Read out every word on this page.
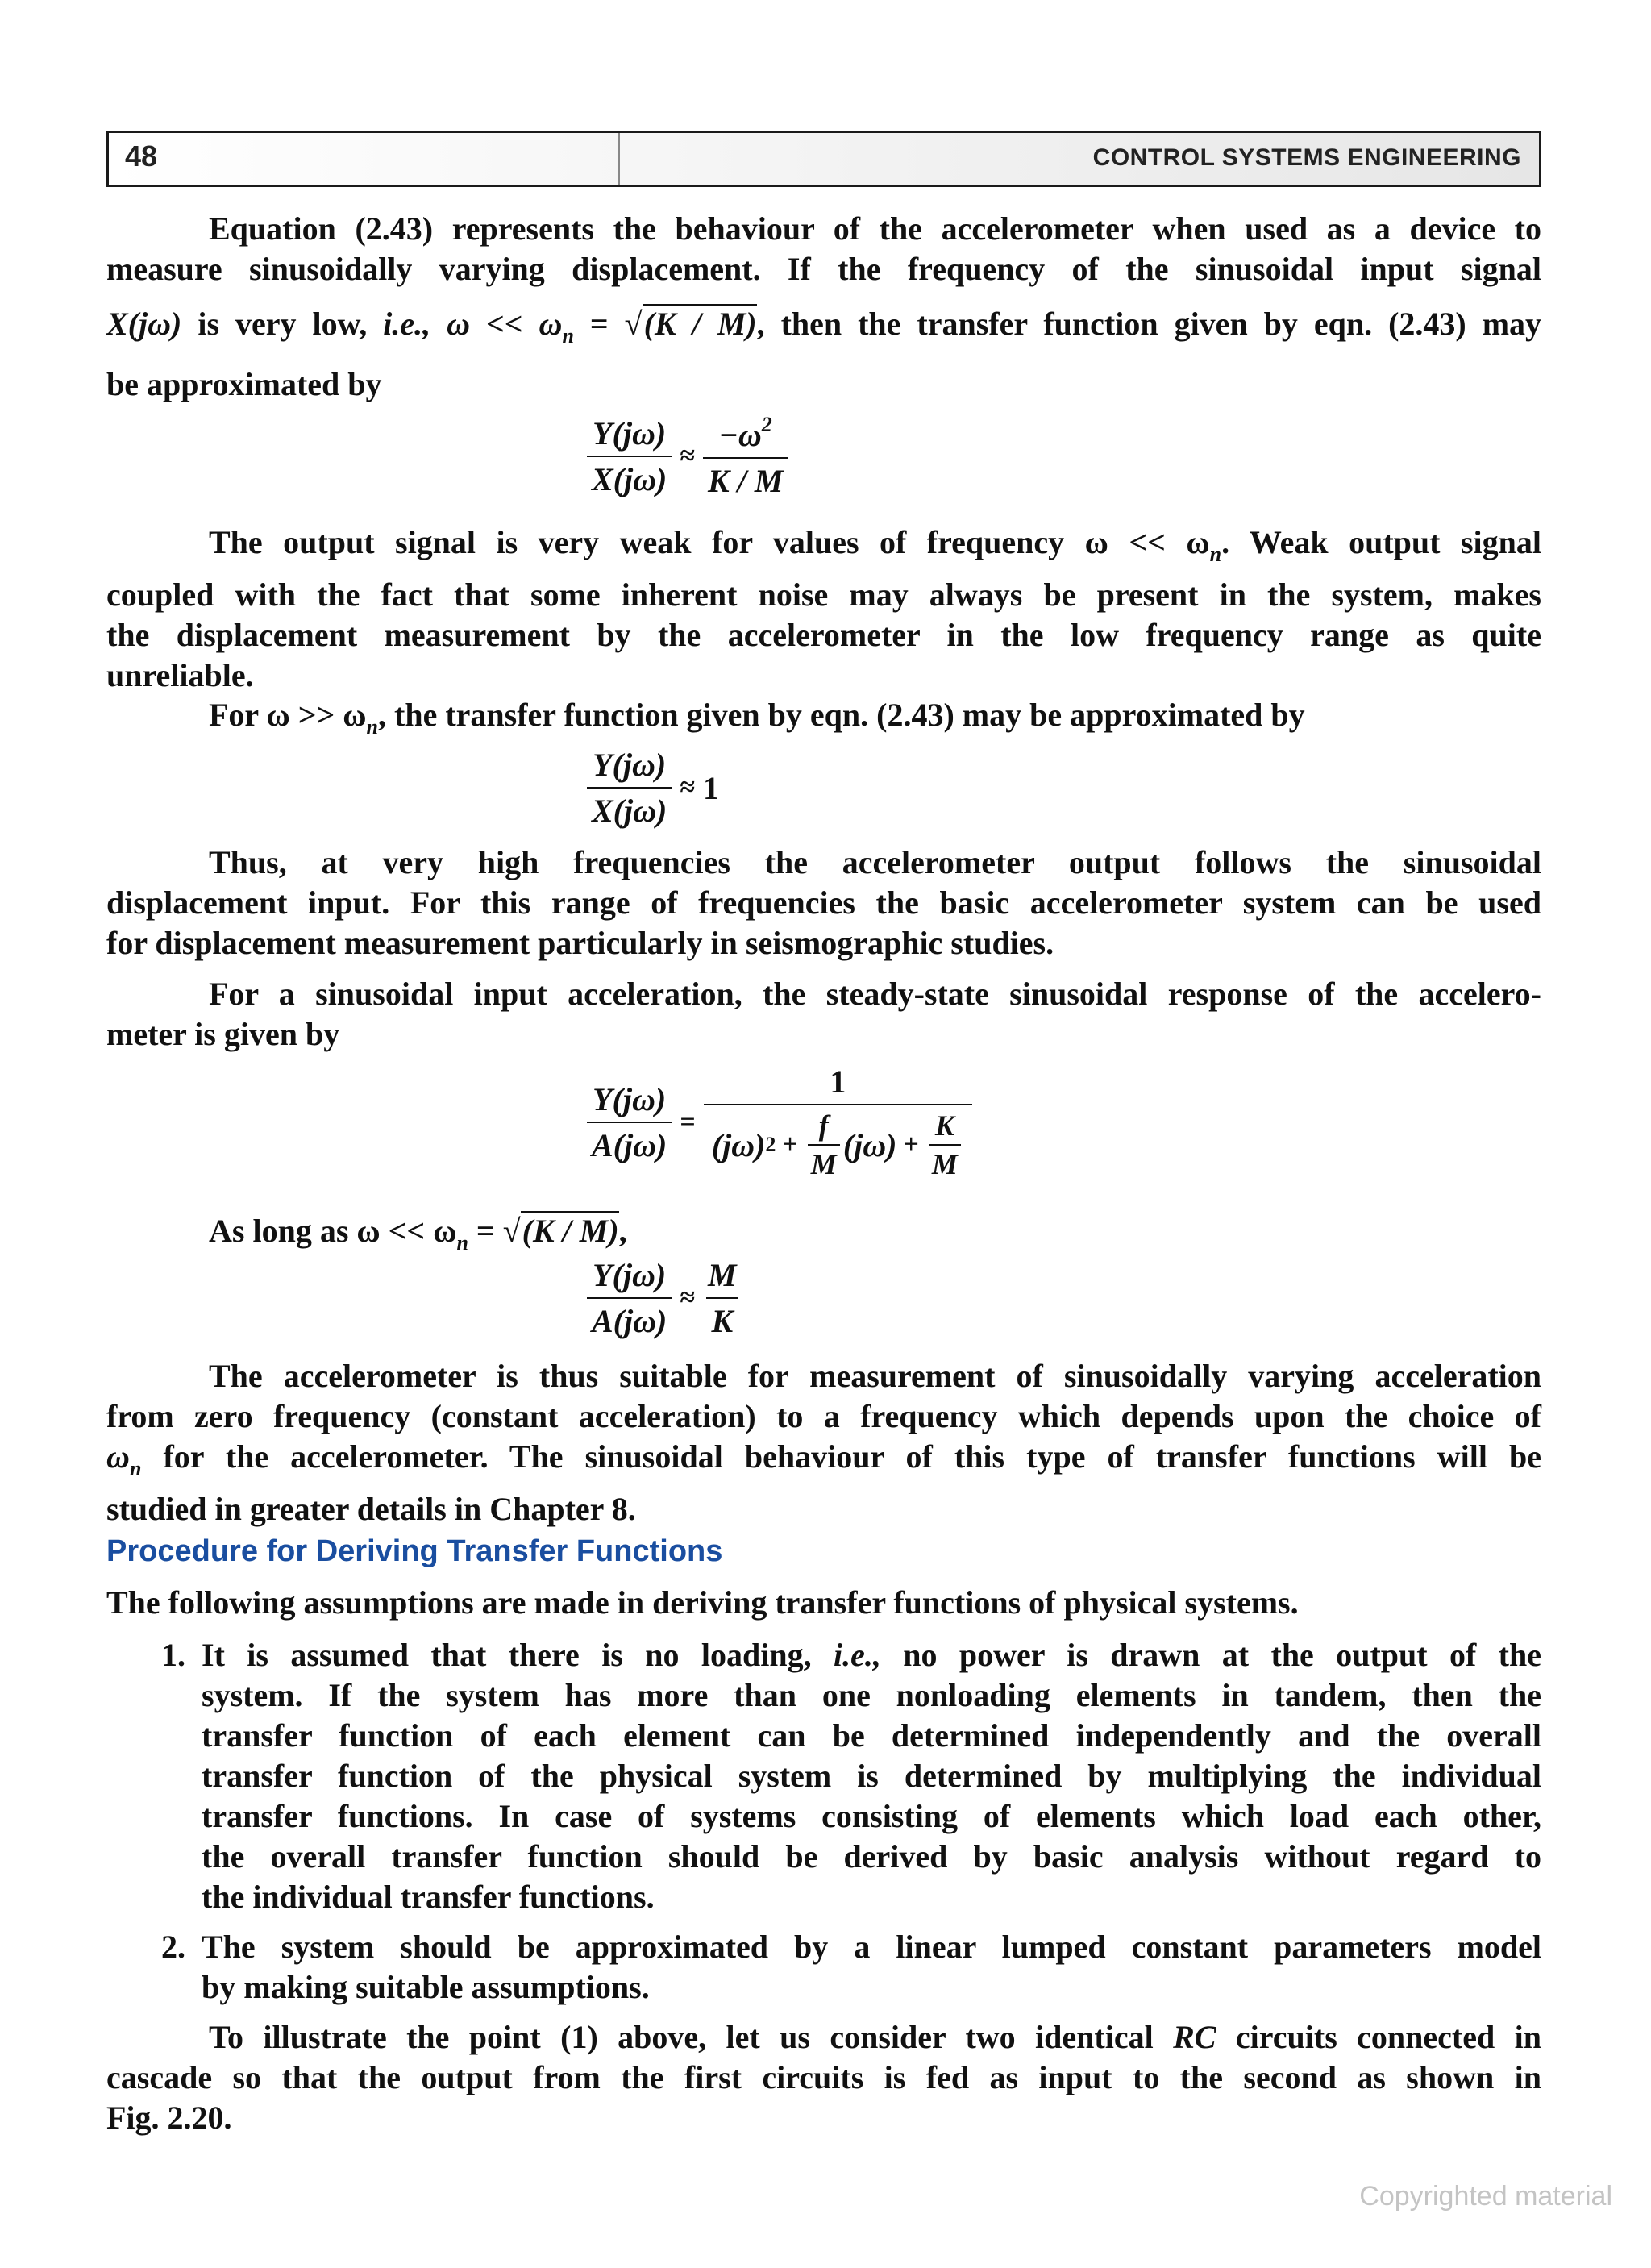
48	CONTROL SYSTEMS ENGINEERING
Equation (2.43) represents the behaviour of the accelerometer when used as a device to
measure sinusoidally varying displacement. If the frequency of the sinusoidal input signal
X(jω) is very low, i.e., $\omega << \omega_n = √(K / M)$, then the transfer function given by eqn. (2.43) may
be approximated by
$\frac{Y(j\omega)}{X(j\omega)} \approx \frac{-\omega^2}{K / M}$
The output signal is very weak for values of frequency $\omega << \omega_n$. Weak output signal
coupled with the fact that some inherent noise may always be present in the system, makes
the displacement measurement by the accelerometer in the low frequency range as quite
unreliable.
For $\omega >> \omega_n$, the transfer function given by eqn. (2.43) may be approximated by
$\frac{Y(j\omega)}{X(j\omega)} \approx 1$
Thus, at very high frequencies the accelerometer output follows the sinusoidal
displacement input. For this range of frequencies the basic accelerometer system can be used
for displacement measurement particularly in seismographic studies.
For a sinusoidal input acceleration, the steady-state sinusoidal response of the accelero-
meter is given by
$\frac{Y(j\omega)}{A(j\omega)} = \frac{1}{(j\omega) 2 + \frac{f}{M} (j\omega) + \frac{K}{M}}$
As long as $\omega << \omega_n = √(K / M)$,
$\frac{Y(j\omega)}{A(j\omega)} \approx \frac{M}{K}$
The accelerometer is thus suitable for measurement of sinusoidally varying acceleration
from zero frequency (constant acceleration) to a frequency which depends upon the choice of
$\omega_n$ for the accelerometer. The sinusoidal behaviour of this type of transfer functions will be
studied in greater details in Chapter 8.
Procedure for Deriving Transfer Functions
The following assumptions are made in deriving transfer functions of physical systems.
1. It is assumed that there is no loading, i.e., no power is drawn at the output of the
system. If the system has more than one nonloading elements in tandem, then the
transfer function of each element can be determined independently and the overall
transfer function of the physical system is determined by multiplying the individual
transfer functions. In case of systems consisting of elements which load each other,
the overall transfer function should be derived by basic analysis without regard to
the individual transfer functions.
2. The system should be approximated by a linear lumped constant parameters model
by making suitable assumptions.
To illustrate the point (1) above, let us consider two identical RC circuits connected in
cascade so that the output from the first circuits is fed as input to the second as shown in
Fig. 2.20.
Copyrighted material
